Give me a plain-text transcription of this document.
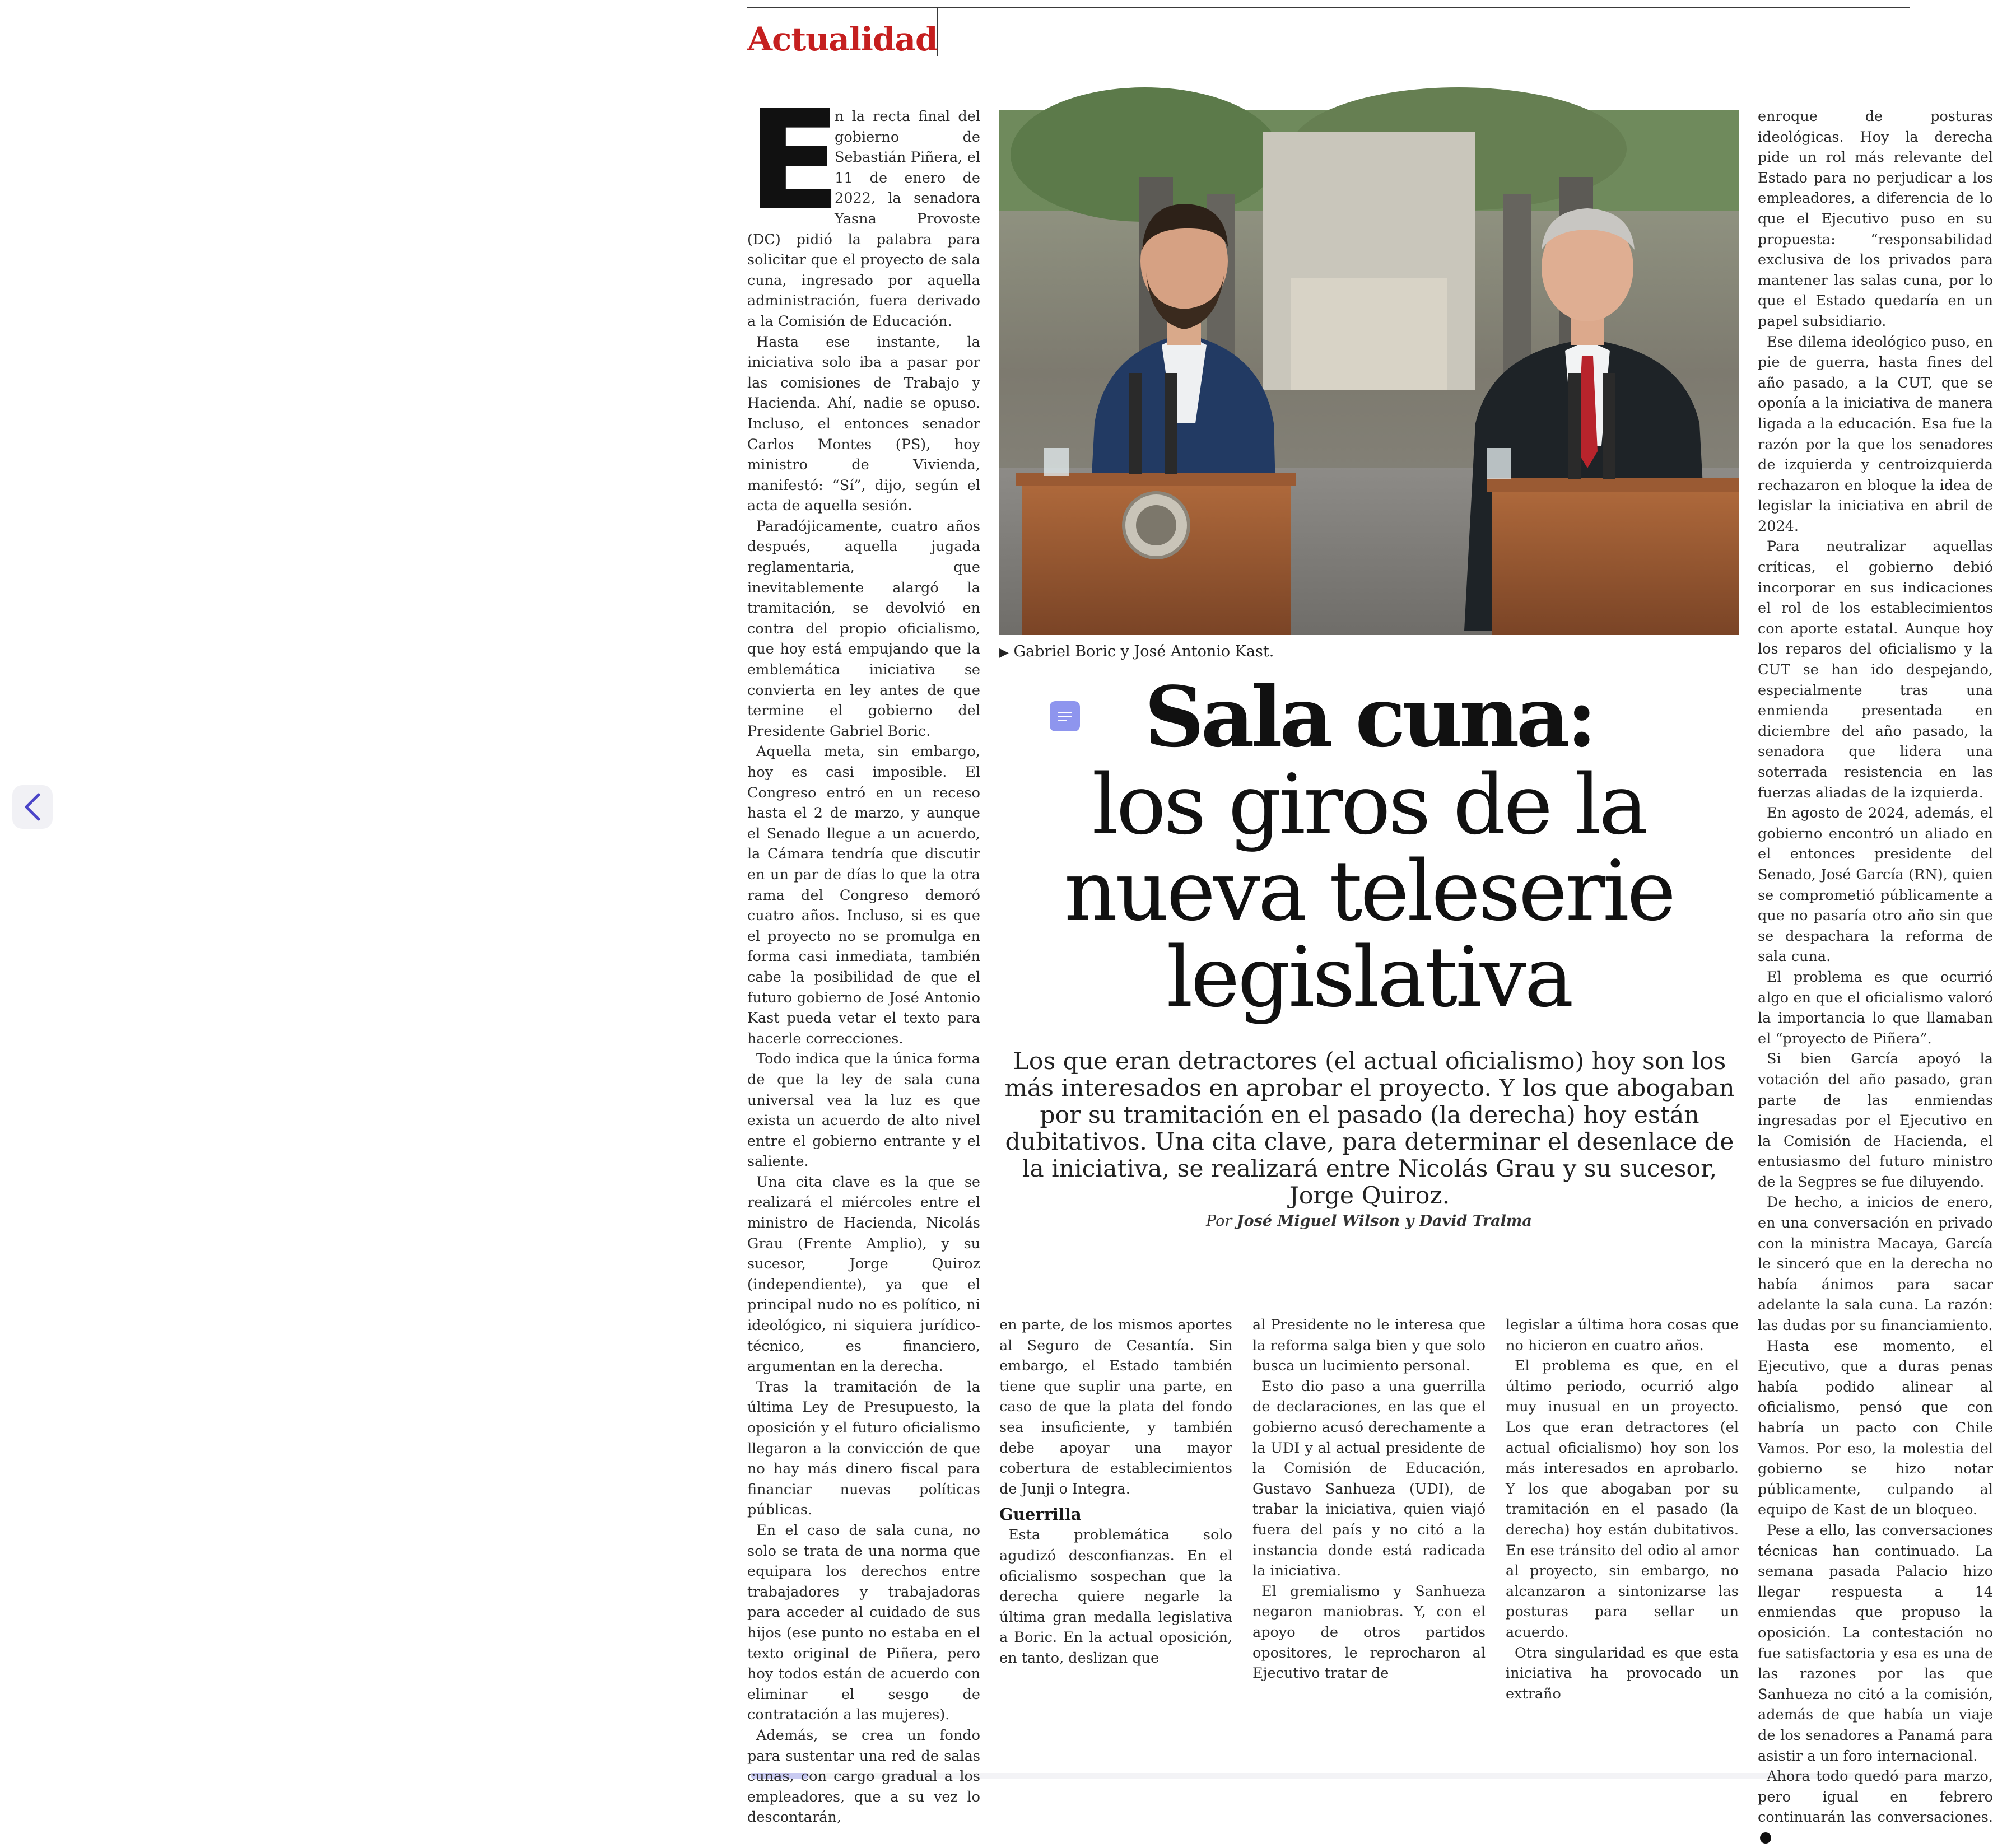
Actualidad
E

n la recta final del gobierno de Sebastián Piñera, el 11 de enero de 2022, la senadora Yasna Provoste (DC) pidió la palabra para solicitar que el proyecto de sala cuna, ingresado por aquella administración, fuera derivado a la Comisión de Educación.

Hasta ese instante, la iniciativa solo iba a pasar por las comisiones de Trabajo y Hacienda. Ahí, nadie se opuso. Incluso, el entonces senador Carlos Montes (PS), hoy ministro de Vivienda, manifestó: “Sí”, dijo, según el acta de aquella sesión.

Paradójicamente, cuatro años después, aquella jugada reglamentaria, que inevitablemente alargó la tramitación, se devolvió en contra del propio oficialismo, que hoy está empujando que la emblemática iniciativa se convierta en ley antes de que termine el gobierno del Presidente Gabriel Boric.

Aquella meta, sin embargo, hoy es casi imposible. El Congreso entró en un receso hasta el 2 de marzo, y aunque el Senado llegue a un acuerdo, la Cámara tendría que discutir en un par de días lo que la otra rama del Congreso demoró cuatro años. Incluso, si es que el proyecto no se promulga en forma casi inmediata, también cabe la posibilidad de que el futuro gobierno de José Antonio Kast pueda vetar el texto para hacerle correcciones.

Todo indica que la única forma de que la ley de sala cuna universal vea la luz es que exista un acuerdo de alto nivel entre el gobierno entrante y el saliente.

Una cita clave es la que se realizará el miércoles entre el ministro de Hacienda, Nicolás Grau (Frente Amplio), y su sucesor, Jorge Quiroz (independiente), ya que el principal nudo no es político, ni ideológico, ni siquiera jurídico-técnico, es financiero, argumentan en la derecha.

Tras la tramitación de la última Ley de Presupuesto, la oposición y el futuro oficialismo llegaron a la convicción de que no hay más dinero fiscal para financiar nuevas políticas públicas.

En el caso de sala cuna, no solo se trata de una norma que equipara los derechos entre trabajadores y trabajadoras para acceder al cuidado de sus hijos (ese punto no estaba en el texto original de Piñera, pero hoy todos están de acuerdo con eliminar el sesgo de contratación a las mujeres).

Además, se crea un fondo para sustentar una red de salas cunas, con cargo gradual a los empleadores, que a su vez lo descontarán,

▶ Gabriel Boric y José Antonio Kast.
Sala cuna:
los giros de la
nueva teleserie
legislativa
Los que eran detractores (el actual oficialismo) hoy son los más interesados en aprobar el proyecto. Y los que abogaban por su tramitación en el pasado (la derecha) hoy están dubitativos. Una cita clave, para determinar el desenlace de la iniciativa, se realizará entre Nicolás Grau y su sucesor, Jorge Quiroz.
Por José Miguel Wilson y David Tralma

en parte, de los mismos aportes al Seguro de Cesantía. Sin embargo, el Estado también tiene que suplir una parte, en caso de que la plata del fondo sea insuficiente, y también debe apoyar una mayor cobertura de establecimientos de Junji o Integra.

Guerrilla

Esta problemática solo agudizó desconfianzas. En el oficialismo sospechan que la derecha quiere negarle la última gran medalla legislativa a Boric. En la actual oposición, en tanto, deslizan que

al Presidente no le interesa que la reforma salga bien y que solo busca un lucimiento personal.

Esto dio paso a una guerrilla de declaraciones, en las que el gobierno acusó derechamente a la UDI y al actual presidente de la Comisión de Educación, Gustavo Sanhueza (UDI), de trabar la iniciativa, quien viajó fuera del país y no citó a la instancia donde está radicada la iniciativa.

El gremialismo y Sanhueza negaron maniobras. Y, con el apoyo de otros partidos opositores, le reprocharon al Ejecutivo tratar de

legislar a última hora cosas que no hicieron en cuatro años.

El problema es que, en el último periodo, ocurrió algo muy inusual en un proyecto. Los que eran detractores (el actual oficialismo) hoy son los más interesados en aprobarlo. Y los que abogaban por su tramitación en el pasado (la derecha) hoy están dubitativos. En ese tránsito del odio al amor al proyecto, sin embargo, no alcanzaron a sintonizarse las posturas para sellar un acuerdo.

Otra singularidad es que esta iniciativa ha provocado un extraño

enroque de posturas ideológicas. Hoy la derecha pide un rol más relevante del Estado para no perjudicar a los empleadores, a diferencia de lo que el Ejecutivo puso en su propuesta: “responsabilidad exclusiva de los privados para mantener las salas cuna, por lo que el Estado quedaría en un papel subsidiario.

Ese dilema ideológico puso, en pie de guerra, hasta fines del año pasado, a la CUT, que se oponía a la iniciativa de manera ligada a la educación. Esa fue la razón por la que los senadores de izquierda y centroizquierda rechazaron en bloque la idea de legislar la iniciativa en abril de 2024.

Para neutralizar aquellas críticas, el gobierno debió incorporar en sus indicaciones el rol de los establecimientos con aporte estatal. Aunque hoy los reparos del oficialismo y la CUT se han ido despejando, especialmente tras una enmienda presentada en diciembre del año pasado, la senadora que lidera una soterrada resistencia en las fuerzas aliadas de la izquierda.

En agosto de 2024, además, el gobierno encontró un aliado en el entonces presidente del Senado, José García (RN), quien se comprometió públicamente a que no pasaría otro año sin que se despachara la reforma de sala cuna.

El problema es que ocurrió algo en que el oficialismo valoró la importancia lo que llamaban el “proyecto de Piñera”.

Si bien García apoyó la votación del año pasado, gran parte de las enmiendas ingresadas por el Ejecutivo en la Comisión de Hacienda, el entusiasmo del futuro ministro de la Segpres se fue diluyendo.

De hecho, a inicios de enero, en una conversación en privado con la ministra Macaya, García le sinceró que en la derecha no había ánimos para sacar adelante la sala cuna. La razón: las dudas por su financiamiento.

Hasta ese momento, el Ejecutivo, que a duras penas había podido alinear al oficialismo, pensó que con habría un pacto con Chile Vamos. Por eso, la molestia del gobierno se hizo notar públicamente, culpando al equipo de Kast de un bloqueo.

Pese a ello, las conversaciones técnicas han continuado. La semana pasada Palacio hizo llegar respuesta a 14 enmiendas que propuso la oposición. La contestación no fue satisfactoria y esa es una de las razones por las que Sanhueza no citó a la comisión, además de que había un viaje de los senadores a Panamá para asistir a un foro internacional.

Ahora todo quedó para marzo, pero igual en febrero continuarán las conversaciones.
